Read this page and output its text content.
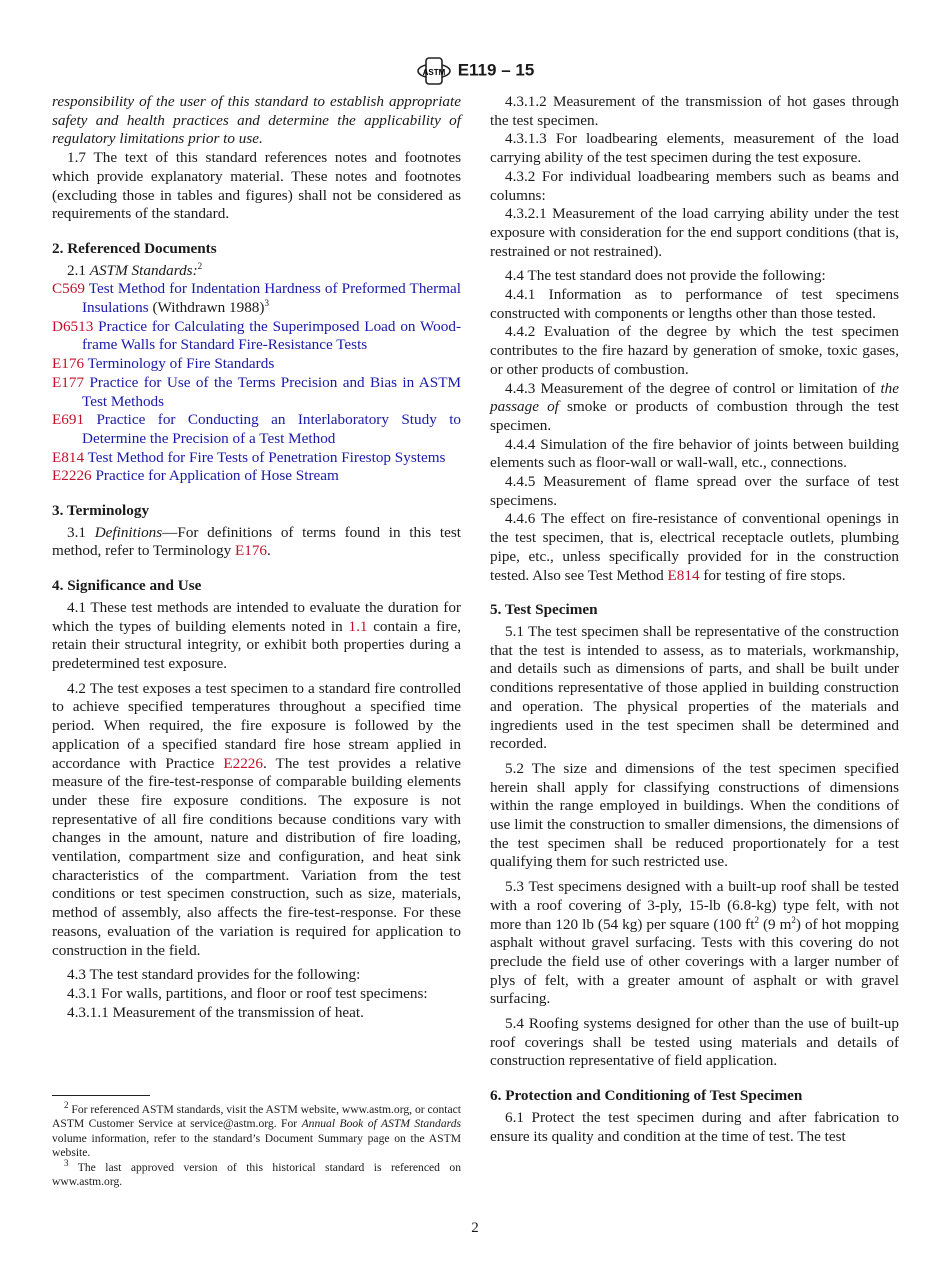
ASTM E119 – 15

responsibility of the user of this standard to establish appropriate safety and health practices and determine the applicability of regulatory limitations prior to use.

1.7 The text of this standard references notes and footnotes which provide explanatory material. These notes and footnotes (excluding those in tables and figures) shall not be considered as requirements of the standard.

2. Referenced Documents

2.1 ASTM Standards:$^2$

C569 Test Method for Indentation Hardness of Preformed Thermal Insulations (Withdrawn 1988)$^3$

D6513 Practice for Calculating the Superimposed Load on Wood-frame Walls for Standard Fire-Resistance Tests

E176 Terminology of Fire Standards

E177 Practice for Use of the Terms Precision and Bias in ASTM Test Methods

E691 Practice for Conducting an Interlaboratory Study to Determine the Precision of a Test Method

E814 Test Method for Fire Tests of Penetration Firestop Systems

E2226 Practice for Application of Hose Stream

3. Terminology

3.1 Definitions—For definitions of terms found in this test method, refer to Terminology E176.

4. Significance and Use

4.1 These test methods are intended to evaluate the duration for which the types of building elements noted in 1.1 contain a fire, retain their structural integrity, or exhibit both properties during a predetermined test exposure.

4.2 The test exposes a test specimen to a standard fire controlled to achieve specified temperatures throughout a specified time period. When required, the fire exposure is followed by the application of a specified standard fire hose stream applied in accordance with Practice E2226. The test provides a relative measure of the fire-test-response of comparable building elements under these fire exposure conditions. The exposure is not representative of all fire conditions because conditions vary with changes in the amount, nature and distribution of fire loading, ventilation, compartment size and configuration, and heat sink characteristics of the compartment. Variation from the test conditions or test specimen construction, such as size, materials, method of assembly, also affects the fire-test-response. For these reasons, evaluation of the variation is required for application to construction in the field.

4.3 The test standard provides for the following:

4.3.1 For walls, partitions, and floor or roof test specimens:

4.3.1.1 Measurement of the transmission of heat.

4.3.1.2 Measurement of the transmission of hot gases through the test specimen.

4.3.1.3 For loadbearing elements, measurement of the load carrying ability of the test specimen during the test exposure.

4.3.2 For individual loadbearing members such as beams and columns:

4.3.2.1 Measurement of the load carrying ability under the test exposure with consideration for the end support conditions (that is, restrained or not restrained).

4.4 The test standard does not provide the following:

4.4.1 Information as to performance of test specimens constructed with components or lengths other than those tested.

4.4.2 Evaluation of the degree by which the test specimen contributes to the fire hazard by generation of smoke, toxic gases, or other products of combustion.

4.4.3 Measurement of the degree of control or limitation of the passage of smoke or products of combustion through the test specimen.

4.4.4 Simulation of the fire behavior of joints between building elements such as floor-wall or wall-wall, etc., connections.

4.4.5 Measurement of flame spread over the surface of test specimens.

4.4.6 The effect on fire-resistance of conventional openings in the test specimen, that is, electrical receptacle outlets, plumbing pipe, etc., unless specifically provided for in the construction tested. Also see Test Method E814 for testing of fire stops.

5. Test Specimen

5.1 The test specimen shall be representative of the construction that the test is intended to assess, as to materials, workmanship, and details such as dimensions of parts, and shall be built under conditions representative of those applied in building construction and operation. The physical properties of the materials and ingredients used in the test specimen shall be determined and recorded.

5.2 The size and dimensions of the test specimen specified herein shall apply for classifying constructions of dimensions within the range employed in buildings. When the conditions of use limit the construction to smaller dimensions, the dimensions of the test specimen shall be reduced proportionately for a test qualifying them for such restricted use.

5.3 Test specimens designed with a built-up roof shall be tested with a roof covering of 3-ply, 15-lb (6.8-kg) type felt, with not more than 120 lb (54 kg) per square (100 $ft^2$ (9 $m^2$) of hot mopping asphalt without gravel surfacing. Tests with this covering do not preclude the field use of other coverings with a larger number of plys of felt, with a greater amount of asphalt or with gravel surfacing.

5.4 Roofing systems designed for other than the use of built-up roof coverings shall be tested using materials and details of construction representative of field application.

6. Protection and Conditioning of Test Specimen

6.1 Protect the test specimen during and after fabrication to ensure its quality and condition at the time of test. The test

$^2$ For referenced ASTM standards, visit the ASTM website, www.astm.org, or contact ASTM Customer Service at service@astm.org. For Annual Book of ASTM Standards volume information, refer to the standard’s Document Summary page on the ASTM website.

$^3$ The last approved version of this historical standard is referenced on www.astm.org.

2
